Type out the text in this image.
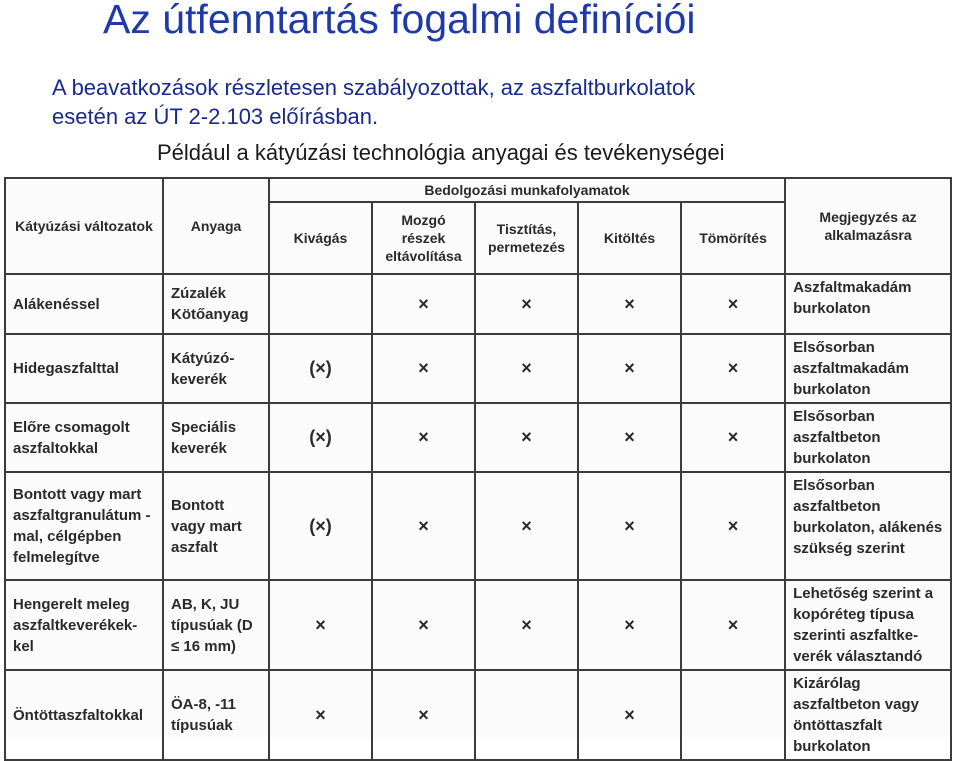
Az útfenntartás fogalmi definíciói
A beavatkozások részletesen szabályozottak, az aszfaltburkolatok
esetén az ÚT 2-2.103 előírásban.
Például a kátyúzási technológia anyagai és tevékenységei
Kátyúzási változatok	Anyaga	Bedolgozási munkafolyamatok					Megjegyzés az alkalmazásra
		Kivágás	Mozgó részek eltávolítása	Tisztítás, permetezés	Kitöltés	Tömörítés	
Alákenéssel	Zúzalék Kötőanyag		×	×	×	×	Aszfaltmakadám burkolaton
Hidegaszfalttal	Kátyúzó- keverék	(×)	×	×	×	×	Elsősorban aszfaltmakadám burkolaton
Előre csomagolt aszfaltokkal	Speciális keverék	(×)	×	×	×	×	Elsősorban aszfaltbeton burkolaton
Bontott vagy mart aszfaltgranulátum -mal, célgépben felmelegítve	Bontott vagy mart aszfalt	(×)	×	×	×	×	Elsősorban aszfaltbeton burkolaton, alákenés szükség szerint
Hengerelt meleg aszfaltkeverékek- kel	AB, K, JU típusúak (D ≤ 16 mm)	×	×	×	×	×	Lehetőség szerint a kopóréteg típusa szerinti aszfaltke- verék választandó
Öntöttaszfaltokkal	ÖA-8, -11 típusúak	×	×		×		Kizárólag aszfaltbeton vagy öntöttaszfalt burkolaton
